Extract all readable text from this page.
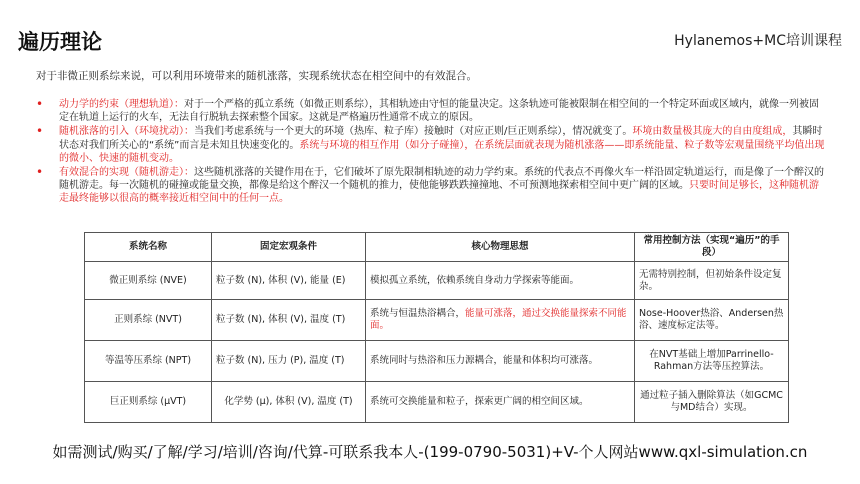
遍历理论	Hylanemos+MC培训课程
对于非微正则系综来说，可以利用环境带来的随机涨落，实现系统状态在相空间中的有效混合。
• 动力学的约束（理想轨道）：对于一个严格的孤立系统（如微正则系综），其相轨迹由守恒的能量决定。这条轨迹可能被限制在相空间的一个特定环面或区域内，就像一列被固定在轨道上运行的火车，无法自行脱轨去探索整个国家。这就是严格遍历性通常不成立的原因。
• 随机涨落的引入（环境扰动）：当我们考虑系统与一个更大的环境（热库、粒子库）接触时（对应正则/巨正则系综），情况就变了。环境由数量极其庞大的自由度组成，其瞬时状态对我们所关心的“系统”而言是未知且快速变化的。系统与环境的相互作用（如分子碰撞），在系统层面就表现为随机涨落——即系统能量、粒子数等宏观量围绕平均值出现的微小、快速的随机变动。
• 有效混合的实现（随机游走）：这些随机涨落的关键作用在于，它们破坏了原先限制相轨迹的动力学约束。系统的代表点不再像火车一样沿固定轨道运行，而是像了一个醉汉的随机游走。每一次随机的碰撞或能量交换，都像是给这个醉汉一个随机的推力，使他能够跌跌撞撞地、不可预测地探索相空间中更广阔的区域。只要时间足够长，这种随机游走最终能够以很高的概率接近相空间中的任何一点。
系统名称	固定宏观条件	核心物理思想	常用控制方法（实现“遍历”的手段）
微正则系综 (NVE)	粒子数 (N), 体积 (V), 能量 (E)	模拟孤立系统，依赖系统自身动力学探索等能面。	无需特别控制，但初始条件设定复杂。
正则系综 (NVT)	粒子数 (N), 体积 (V), 温度 (T)	系统与恒温热浴耦合，能量可涨落，通过交换能量探索不同能面。	Nose-Hoover热浴、Andersen热浴、速度标定法等。
等温等压系综 (NPT)	粒子数 (N), 压力 (P), 温度 (T)	系统同时与热浴和压力源耦合，能量和体积均可涨落。	在NVT基础上增加Parrinello-Rahman方法等压控算法。
巨正则系综 (μVT)	化学势 (μ), 体积 (V), 温度 (T)	系统可交换能量和粒子，探索更广阔的相空间区域。	通过粒子插入删除算法（如GCMC与MD结合）实现。
如需测试/购买/了解/学习/培训/咨询/代算-可联系我本人-(199-0790-5031)+V-个人网站www.qxl-simulation.cn
